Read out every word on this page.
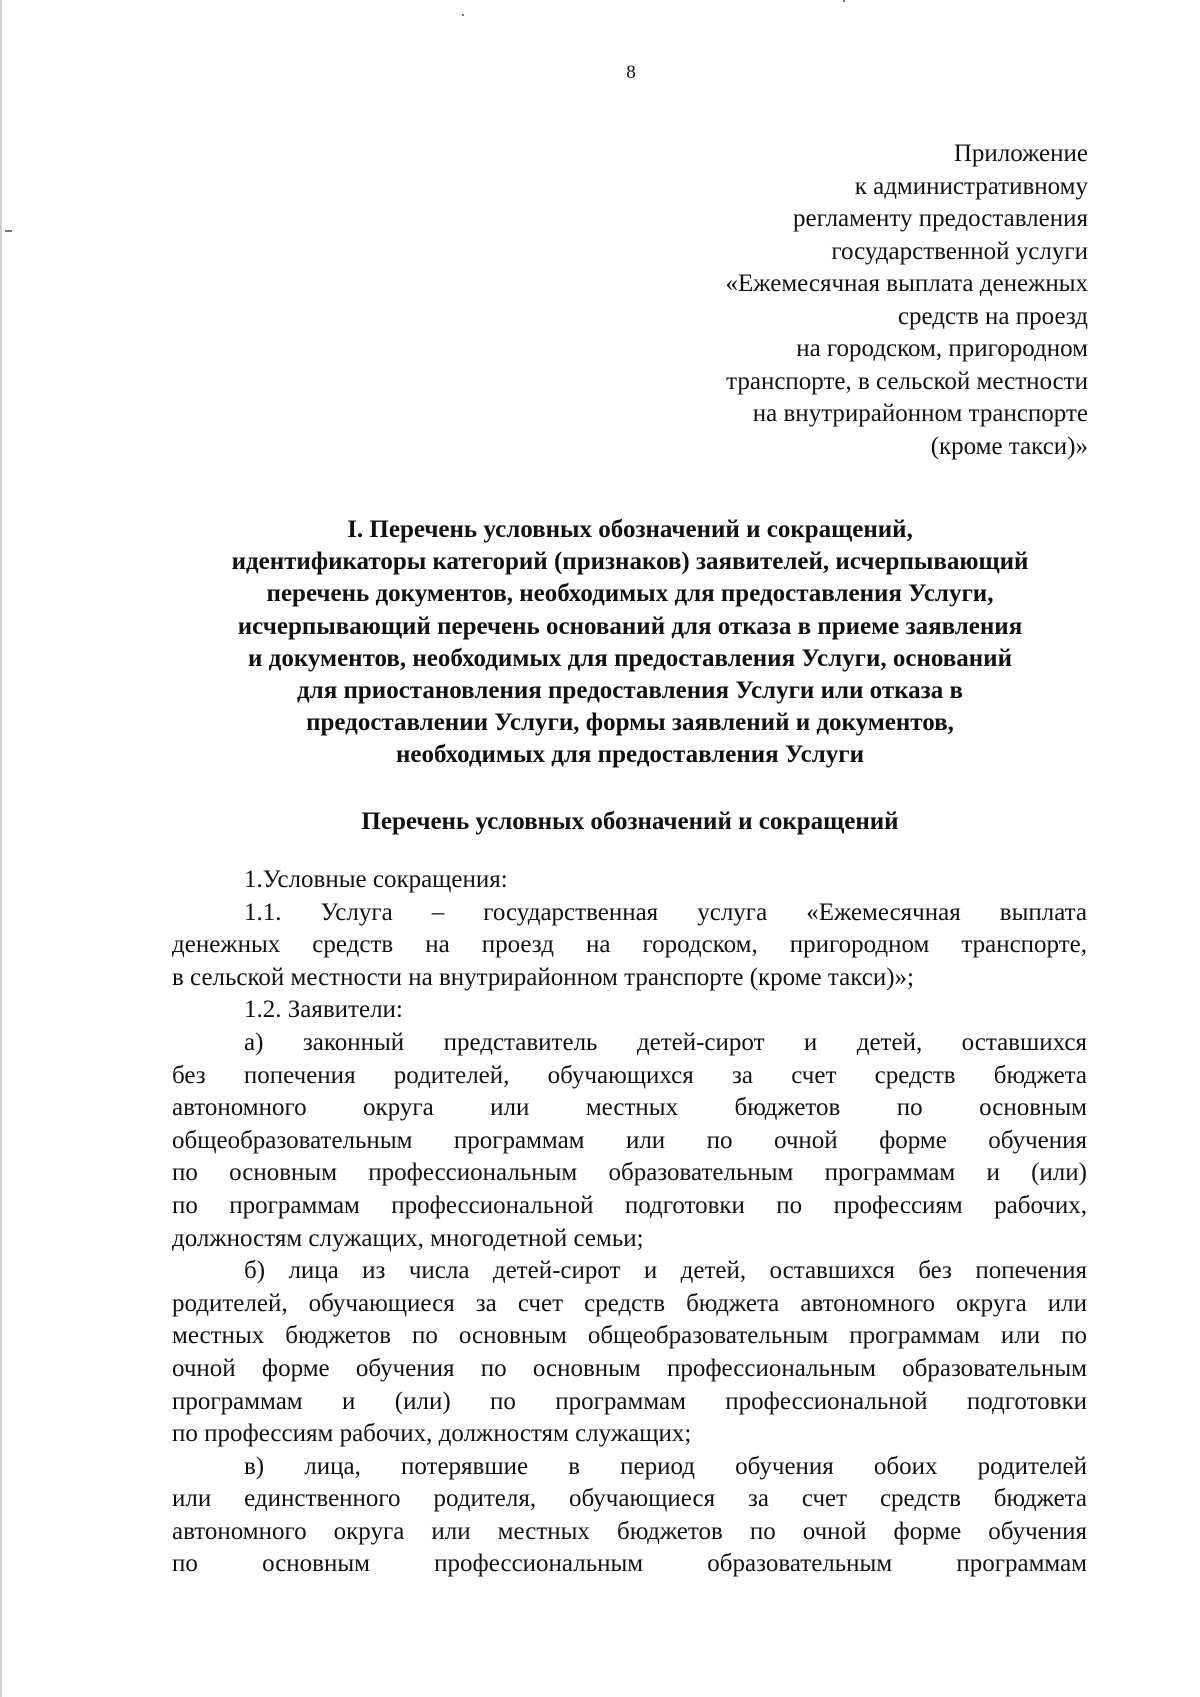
8
Приложение
к административному
регламенту предоставления
государственной услуги
«Ежемесячная выплата денежных
средств на проезд
на городском, пригородном
транспорте, в сельской местности
на внутрирайонном транспорте
(кроме такси)»
I. Перечень условных обозначений и сокращений,
идентификаторы категорий (признаков) заявителей, исчерпывающий
перечень документов, необходимых для предоставления Услуги,
исчерпывающий перечень оснований для отказа в приеме заявления
и документов, необходимых для предоставления Услуги, оснований
для приостановления предоставления Услуги или отказа в
предоставлении Услуги, формы заявлений и документов,
необходимых для предоставления Услуги
Перечень условных обозначений и сокращений
1.Условные сокращения:
1.1. Услуга – государственная услуга «Ежемесячная выплата
денежных средств на проезд на городском, пригородном транспорте,
в сельской местности на внутрирайонном транспорте (кроме такси)»;
1.2. Заявители:
а) законный представитель детей-сирот и детей, оставшихся
без попечения родителей, обучающихся за счет средств бюджета
автономного округа или местных бюджетов по основным
общеобразовательным программам или по очной форме обучения
по основным профессиональным образовательным программам и (или)
по программам профессиональной подготовки по профессиям рабочих,
должностям служащих, многодетной семьи;
б) лица из числа детей-сирот и детей, оставшихся без попечения
родителей, обучающиеся за счет средств бюджета автономного округа или
местных бюджетов по основным общеобразовательным программам или по
очной форме обучения по основным профессиональным образовательным
программам и (или) по программам профессиональной подготовки
по профессиям рабочих, должностям служащих;
в) лица, потерявшие в период обучения обоих родителей
или единственного родителя, обучающиеся за счет средств бюджета
автономного округа или местных бюджетов по очной форме обучения
по основным профессиональным образовательным программам
